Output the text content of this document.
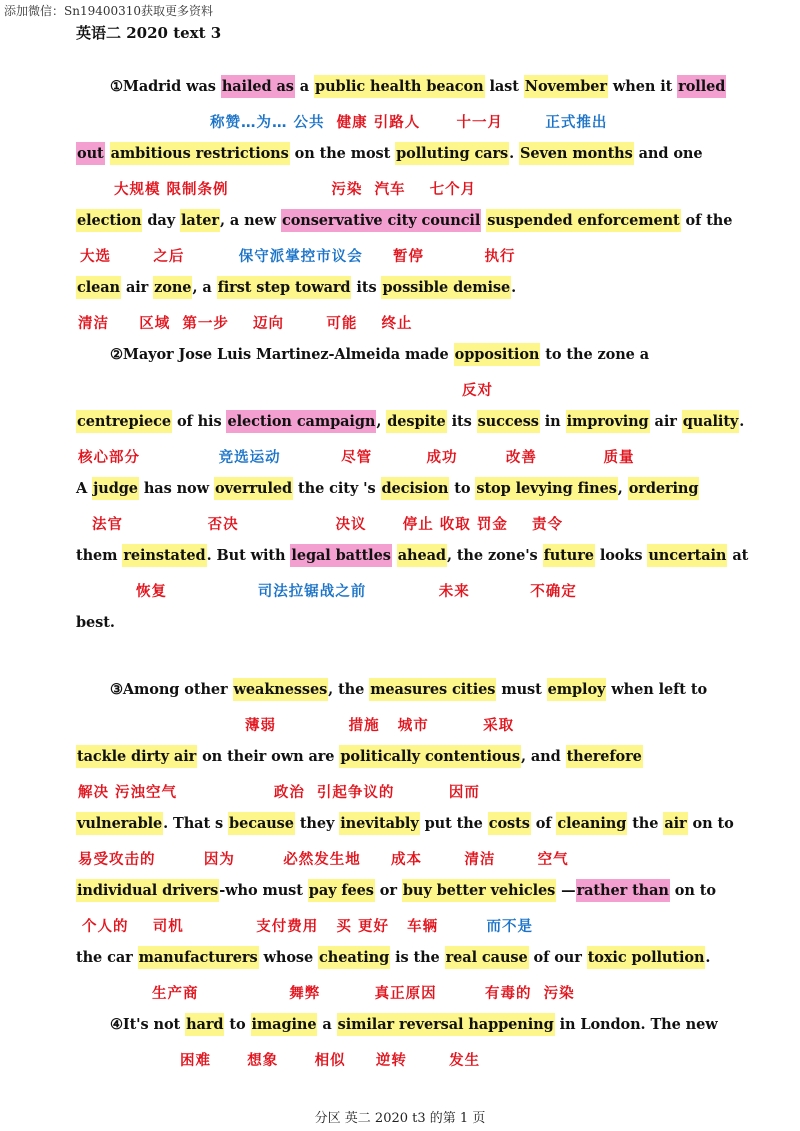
添加微信：Sn19400310获取更多资料
英语二 2020 text 3
①Madrid was hailed as a public health beacon last November when it rolled
out ambitious restrictions on the most polluting cars. Seven months and one
election day later, a new conservative city council suspended enforcement of the
clean air zone, a first step toward its possible demise.
②Mayor Jose Luis Martinez-Almeida made opposition to the zone a
centrepiece of his election campaign, despite its success in improving air quality.
A judge has now overruled the city 's decision to stop levying fines, ordering
them reinstated. But with legal battles ahead, the zone's future looks uncertain at
best.
③Among other weaknesses, the measures cities must employ when left to
tackle dirty air on their own are politically contentious, and therefore
vulnerable. That s because they inevitably put the costs of cleaning the air on to
individual drivers-who must pay fees or buy better vehicles —rather than on to
the car manufacturers whose cheating is the real cause of our toxic pollution.
④It's not hard to imagine a similar reversal happening in London. The new
称赞…为… 公共  健康 引路人      十一月       正式推出
大规模 限制条例                 污染  汽车    七个月
大选       之后         保守派掌控市议会     暂停          执行
清洁     区域  第一步    迈向       可能    终止
反对
核心部分             竞选运动          尽管         成功        改善           质量
法官              否决                决议      停止 收取 罚金    责令
恢复               司法拉锯战之前            未来          不确定
薄弱            措施   城市         采取
解决 污浊空气                政治  引起争议的         因而
易受攻击的        因为        必然发生地     成本       清洁       空气
个人的    司机            支付费用   买 更好   车辆        而不是
生产商               舞弊         真正原因        有毒的  污染
困难      想象      相似     逆转       发生
分区 英二 2020 t3 的第 1 页
